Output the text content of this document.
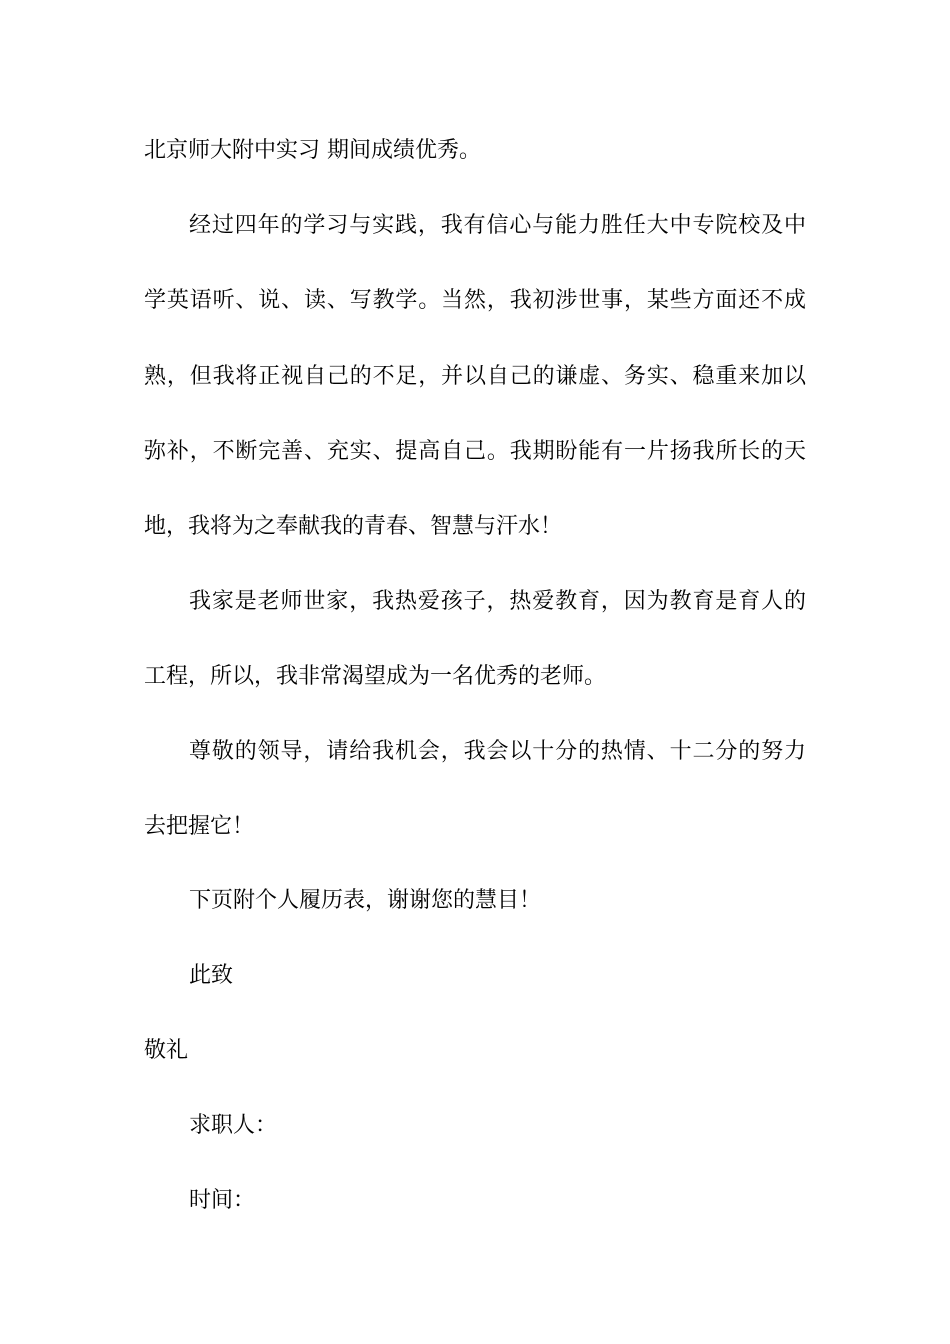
北京师大附中实习 期间成绩优秀。
经过四年的学习与实践，我有信心与能力胜任大中专院校及中
学英语听、说、读、写教学。当然，我初涉世事，某些方面还不成
熟，但我将正视自己的不足，并以自己的谦虚、务实、稳重来加以
弥补，不断完善、充实、提高自己。我期盼能有一片扬我所长的天
地，我将为之奉献我的青春、智慧与汗水！
我家是老师世家，我热爱孩子，热爱教育，因为教育是育人的
工程，所以，我非常渴望成为一名优秀的老师。
尊敬的领导，请给我机会，我会以十分的热情、十二分的努力
去把握它！
下页附个人履历表，谢谢您的慧目！
此致
敬礼
求职人：
时间：
